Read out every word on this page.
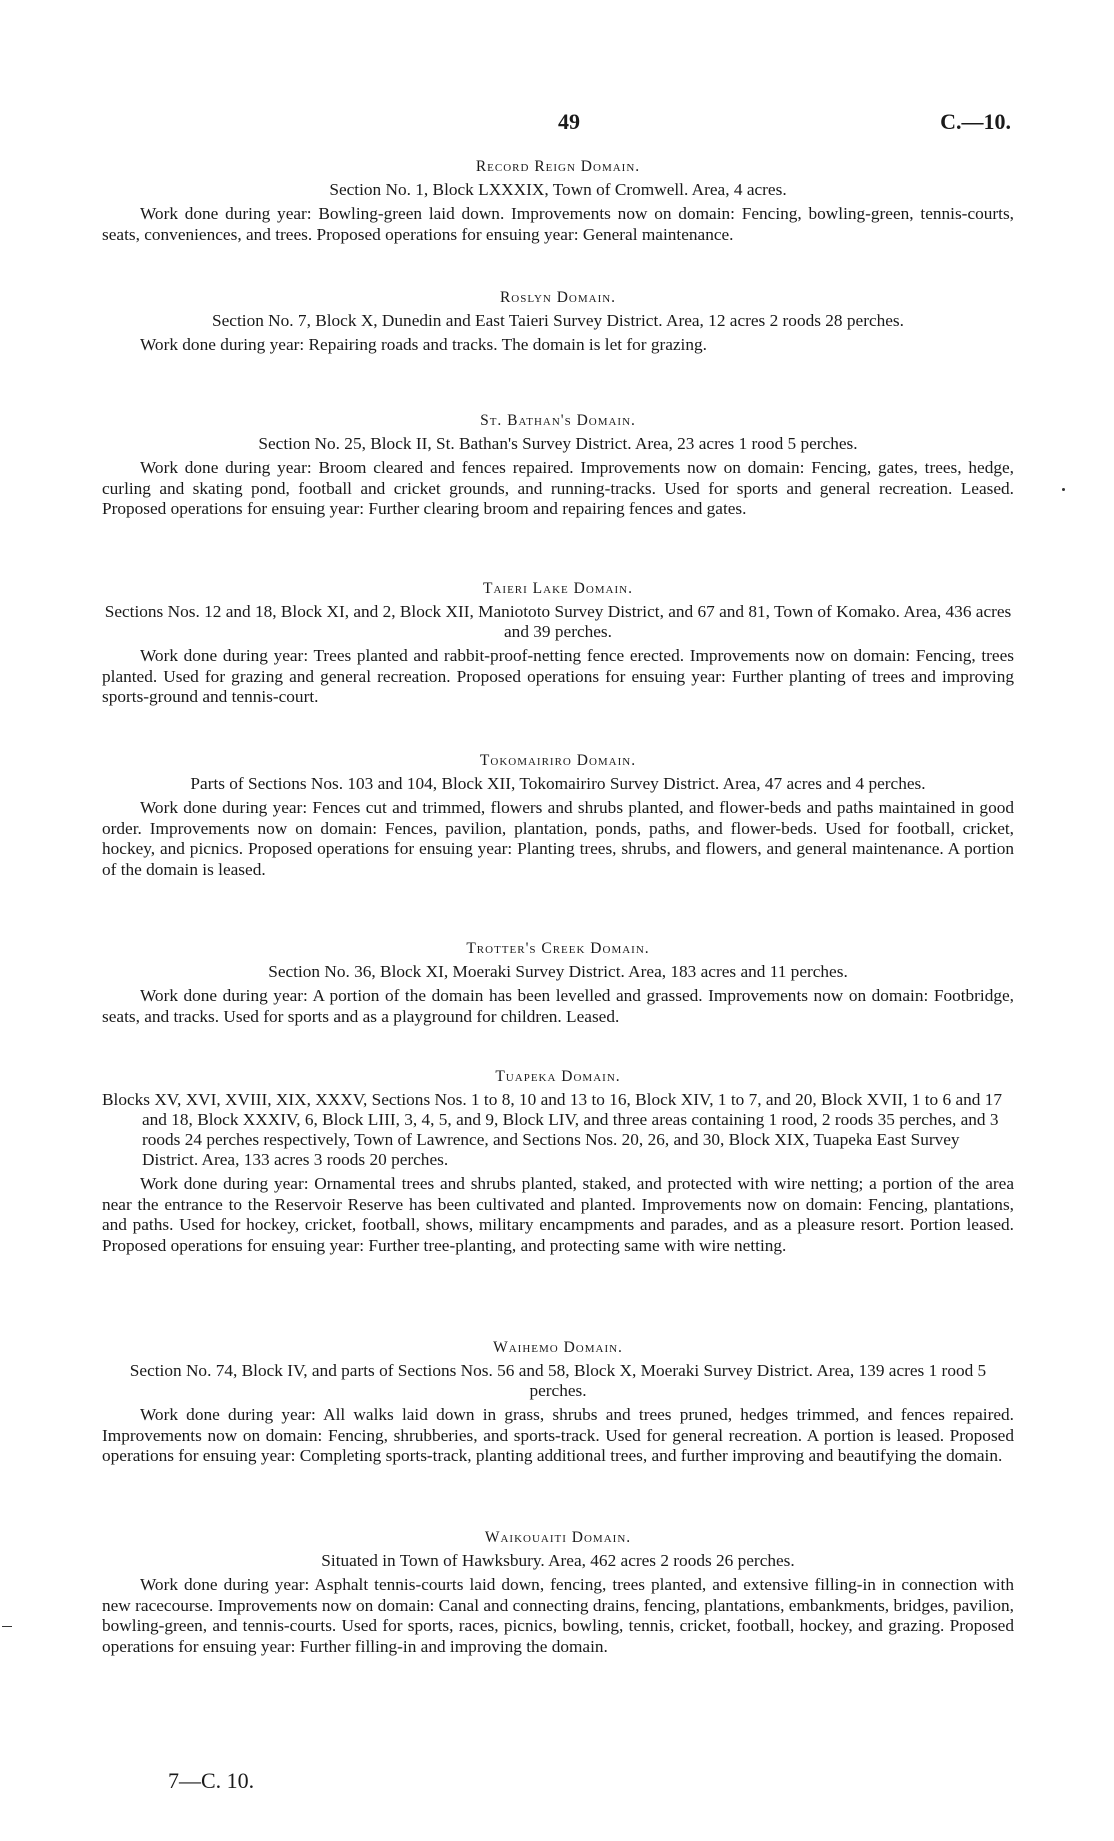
49	C.—10.
Record Reign Domain.

Section No. 1, Block LXXXIX, Town of Cromwell. Area, 4 acres.

Work done during year: Bowling-green laid down. Improvements now on domain: Fencing, bowling-green, tennis-courts, seats, conveniences, and trees. Proposed operations for ensuing year: General maintenance.

Roslyn Domain.

Section No. 7, Block X, Dunedin and East Taieri Survey District. Area, 12 acres 2 roods 28 perches.

Work done during year: Repairing roads and tracks. The domain is let for grazing.

St. Bathan's Domain.

Section No. 25, Block II, St. Bathan's Survey District. Area, 23 acres 1 rood 5 perches.

Work done during year: Broom cleared and fences repaired. Improvements now on domain: Fencing, gates, trees, hedge, curling and skating pond, football and cricket grounds, and running-tracks. Used for sports and general recreation. Leased. Proposed operations for ensuing year: Further clearing broom and repairing fences and gates.

Taieri Lake Domain.

Sections Nos. 12 and 18, Block XI, and 2, Block XII, Maniototo Survey District, and 67 and 81, Town of Komako. Area, 436 acres and 39 perches.

Work done during year: Trees planted and rabbit-proof-netting fence erected. Improvements now on domain: Fencing, trees planted. Used for grazing and general recreation. Proposed operations for ensuing year: Further planting of trees and improving sports-ground and tennis-court.

Tokomairiro Domain.

Parts of Sections Nos. 103 and 104, Block XII, Tokomairiro Survey District. Area, 47 acres and 4 perches.

Work done during year: Fences cut and trimmed, flowers and shrubs planted, and flower-beds and paths maintained in good order. Improvements now on domain: Fences, pavilion, plantation, ponds, paths, and flower-beds. Used for football, cricket, hockey, and picnics. Proposed operations for ensuing year: Planting trees, shrubs, and flowers, and general maintenance. A portion of the domain is leased.

Trotter's Creek Domain.

Section No. 36, Block XI, Moeraki Survey District. Area, 183 acres and 11 perches.

Work done during year: A portion of the domain has been levelled and grassed. Improvements now on domain: Footbridge, seats, and tracks. Used for sports and as a playground for children. Leased.

Tuapeka Domain.

Blocks XV, XVI, XVIII, XIX, XXXV, Sections Nos. 1 to 8, 10 and 13 to 16, Block XIV, 1 to 7, and 20, Block XVII, 1 to 6 and 17 and 18, Block XXXIV, 6, Block LIII, 3, 4, 5, and 9, Block LIV, and three areas containing 1 rood, 2 roods 35 perches, and 3 roods 24 perches respectively, Town of Lawrence, and Sections Nos. 20, 26, and 30, Block XIX, Tuapeka East Survey District. Area, 133 acres 3 roods 20 perches.

Work done during year: Ornamental trees and shrubs planted, staked, and protected with wire netting; a portion of the area near the entrance to the Reservoir Reserve has been cultivated and planted. Improvements now on domain: Fencing, plantations, and paths. Used for hockey, cricket, football, shows, military encampments and parades, and as a pleasure resort. Portion leased. Proposed operations for ensuing year: Further tree-planting, and protecting same with wire netting.

Waihemo Domain.

Section No. 74, Block IV, and parts of Sections Nos. 56 and 58, Block X, Moeraki Survey District. Area, 139 acres 1 rood 5 perches.

Work done during year: All walks laid down in grass, shrubs and trees pruned, hedges trimmed, and fences repaired. Improvements now on domain: Fencing, shrubberies, and sports-track. Used for general recreation. A portion is leased. Proposed operations for ensuing year: Completing sports-track, planting additional trees, and further improving and beautifying the domain.

Waikouaiti Domain.

Situated in Town of Hawksbury. Area, 462 acres 2 roods 26 perches.

Work done during year: Asphalt tennis-courts laid down, fencing, trees planted, and extensive filling-in in connection with new racecourse. Improvements now on domain: Canal and connecting drains, fencing, plantations, embankments, bridges, pavilion, bowling-green, and tennis-courts. Used for sports, races, picnics, bowling, tennis, cricket, football, hockey, and grazing. Proposed operations for ensuing year: Further filling-in and improving the domain.

7—C. 10.
